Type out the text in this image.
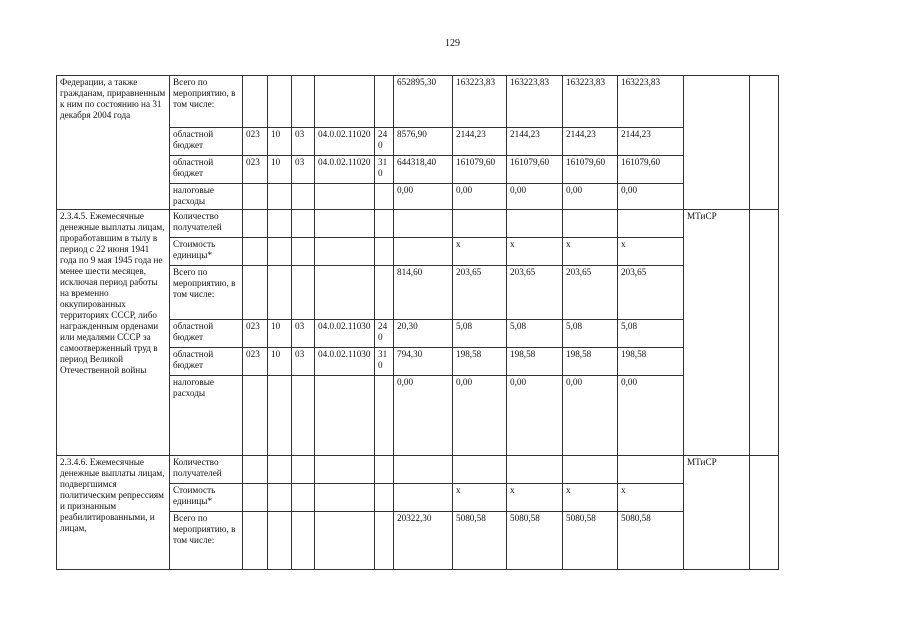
129
Федерации, а также гражданам, приравненным к ним по состоянию на 31 декабря 2004 года	Всего по мероприятию, в том числе:						652895,30	163223,83	163223,83	163223,83	163223,83		
	областной бюджет	023	10	03	04.0.02.11020	240	8576,90	2144,23	2144,23	2144,23	2144,23		
	областной бюджет	023	10	03	04.0.02.11020	310	644318,40	161079,60	161079,60	161079,60	161079,60		
	налоговые расходы						0,00	0,00	0,00	0,00	0,00		
2.3.4.5. Ежемесячные денежные выплаты лицам, проработавшим в тылу в период с 22 июня 1941 года по 9 мая 1945 года не менее шести месяцев, исключая период работы на временно оккупированных территориях СССР, либо награжденным орденами или медалями СССР за самоотверженный труд в период Великой Отечественной войны	Количество получателей											МТиСР	
	Стоимость единицы*							x	x	x	x		
	Всего по мероприятию, в том числе:						814,60	203,65	203,65	203,65	203,65		
	областной бюджет	023	10	03	04.0.02.11030	240	20,30	5,08	5,08	5,08	5,08		
	областной бюджет	023	10	03	04.0.02.11030	310	794,30	198,58	198,58	198,58	198,58		
	налоговые расходы						0,00	0,00	0,00	0,00	0,00		
2.3.4.6. Ежемесячные денежные выплаты лицам, подвергшимся политическим репрессиям и признанным реабилитированными, и лицам,	Количество получателей											МТиСР	
	Стоимость единицы*							x	x	x	x		
	Всего по мероприятию, в том числе:						20322,30	5080,58	5080,58	5080,58	5080,58		
